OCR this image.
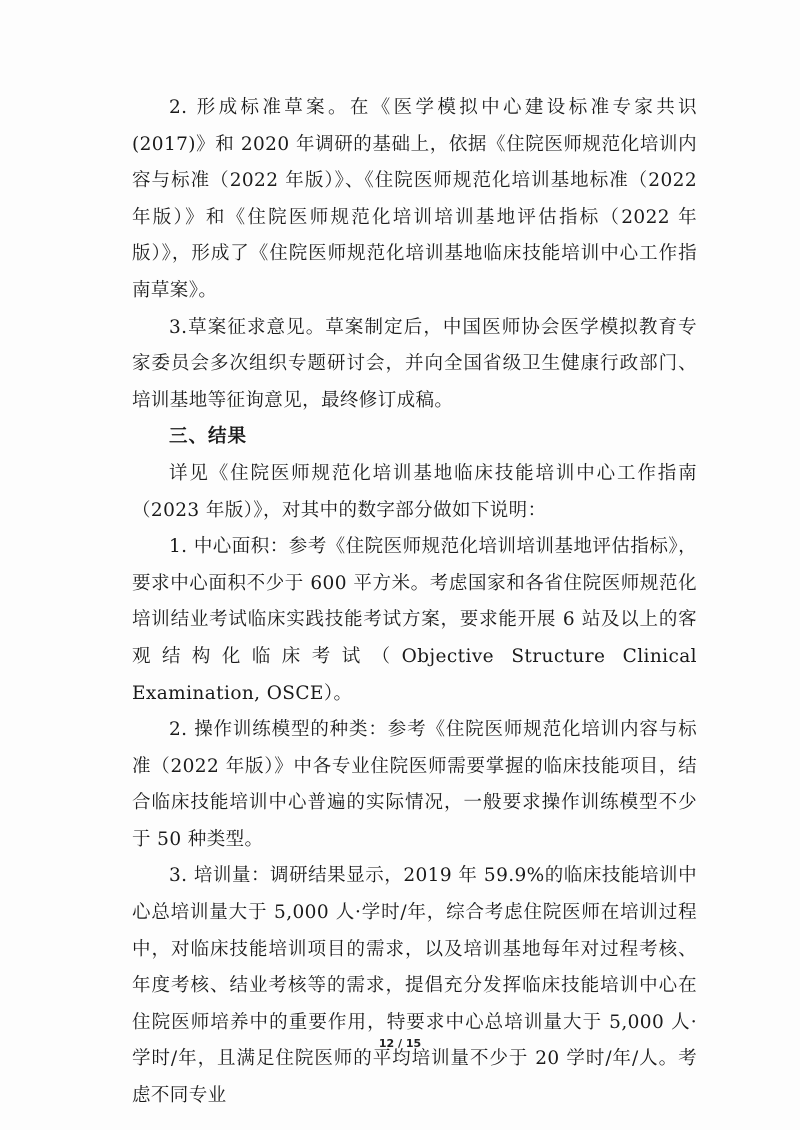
2. 形成标准草案。在《医学模拟中心建设标准专家共识(2017)》和 2020 年调研的基础上，依据《住院医师规范化培训内容与标准（2022 年版）》、《住院医师规范化培训基地标准（2022 年版）》和《住院医师规范化培训培训基地评估指标（2022 年版）》，形成了《住院医师规范化培训基地临床技能培训中心工作指南草案》。

3.草案征求意见。草案制定后，中国医师协会医学模拟教育专家委员会多次组织专题研讨会，并向全国省级卫生健康行政部门、培训基地等征询意见，最终修订成稿。

三、结果

详见《住院医师规范化培训基地临床技能培训中心工作指南（2023 年版）》，对其中的数字部分做如下说明：

1. 中心面积：参考《住院医师规范化培训培训基地评估指标》，要求中心面积不少于 600 平方米。考虑国家和各省住院医师规范化培训结业考试临床实践技能考试方案，要求能开展 6 站及以上的客观结构化临床考试（Objective Structure Clinical Examination, OSCE）。

2. 操作训练模型的种类：参考《住院医师规范化培训内容与标准（2022 年版）》中各专业住院医师需要掌握的临床技能项目，结合临床技能培训中心普遍的实际情况，一般要求操作训练模型不少于 50 种类型。

3. 培训量：调研结果显示，2019 年 59.9%的临床技能培训中心总培训量大于 5,000 人·学时/年，综合考虑住院医师在培训过程中，对临床技能培训项目的需求，以及培训基地每年对过程考核、年度考核、结业考核等的需求，提倡充分发挥临床技能培训中心在住院医师培养中的重要作用，特要求中心总培训量大于 5,000 人·学时/年，且满足住院医师的平均培训量不少于 20 学时/年/人。考虑不同专业

12 / 15
